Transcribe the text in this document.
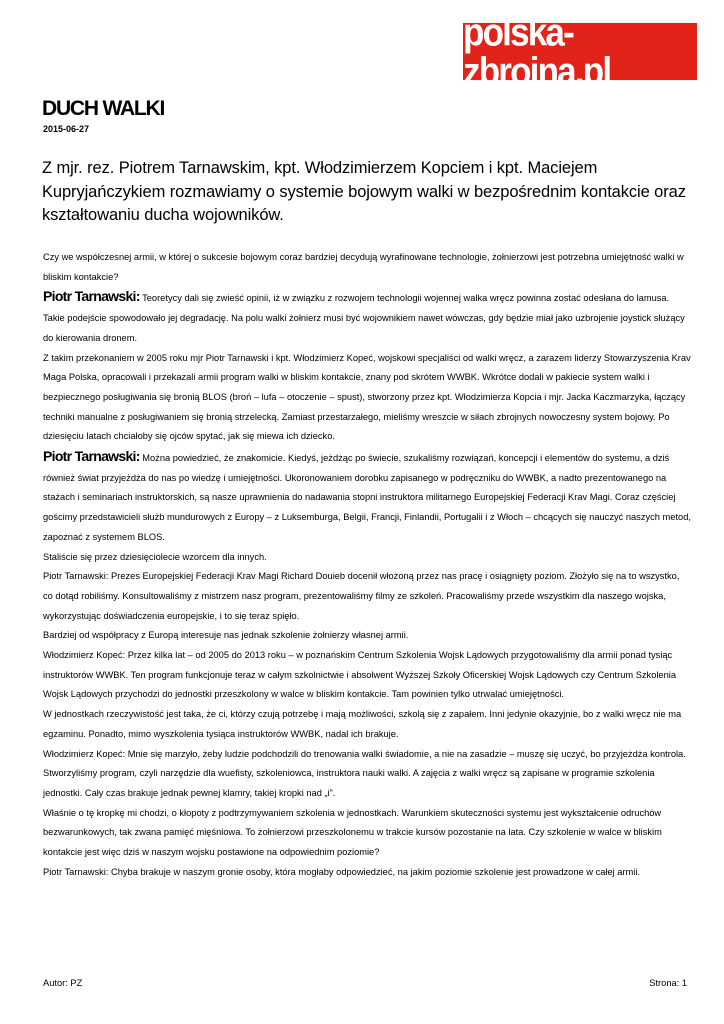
polska-zbrojna.pl
DUCH WALKI
2015-06-27

Z mjr. rez. Piotrem Tarnawskim, kpt. Włodzimierzem Kopciem i kpt. Maciejem Kupryjańczykiem rozmawiamy o systemie bojowym walki w bezpośrednim kontakcie oraz kształtowaniu ducha wojowników.

Czy we współczesnej armii, w której o sukcesie bojowym coraz bardziej decydują wyrafinowane technologie, żołnierzowi jest potrzebna umiejętność walki w bliskim kontakcie?

Piotr Tarnawski: Teoretycy dali się zwieść opinii, iż w związku z rozwojem technologii wojennej walka wręcz powinna zostać odesłana do lamusa. Takie podejście spowodowało jej degradację. Na polu walki żołnierz musi być wojownikiem nawet wówczas, gdy będzie miał jako uzbrojenie joystick służący do kierowania dronem.

Z takim przekonaniem w 2005 roku mjr Piotr Tarnawski i kpt. Włodzimierz Kopeć, wojskowi specjaliści od walki wręcz, a zarazem liderzy Stowarzyszenia Krav Maga Polska, opracowali i przekazali armii program walki w bliskim kontakcie, znany pod skrótem WWBK. Wkrótce dodali w pakiecie system walki i bezpiecznego posługiwania się bronią BLOS (broń – lufa – otoczenie – spust), stworzony przez kpt. Włodzimierza Kopcia i mjr. Jacka Kaczmarzyka, łączący techniki manualne z posługiwaniem się bronią strzelecką. Zamiast przestarzałego, mieliśmy wreszcie w siłach zbrojnych nowoczesny system bojowy. Po dziesięciu latach chciałoby się ojców spytać, jak się miewa ich dziecko.

Piotr Tarnawski: Można powiedzieć, że znakomicie. Kiedyś, jeżdżąc po świecie, szukaliśmy rozwiązań, koncepcji i elementów do systemu, a dziś również świat przyjeżdża do nas po wiedzę i umiejętności. Ukoronowaniem dorobku zapisanego w podręczniku do WWBK, a nadto prezentowanego na stażach i seminariach instruktorskich, są nasze uprawnienia do nadawania stopni instruktora militarnego Europejskiej Federacji Krav Magi. Coraz częściej gościmy przedstawicieli służb mundurowych z Europy – z Luksemburga, Belgii, Francji, Finlandii, Portugalii i z Włoch – chcących się nauczyć naszych metod, zapoznać z systemem BLOS.

Staliście się przez dziesięciolecie wzorcem dla innych.

Piotr Tarnawski: Prezes Europejskiej Federacji Krav Magi Richard Douieb docenił włożoną przez nas pracę i osiągnięty poziom. Złożyło się na to wszystko, co dotąd robiliśmy. Konsultowaliśmy z mistrzem nasz program, prezentowaliśmy filmy ze szkoleń. Pracowaliśmy przede wszystkim dla naszego wojska, wykorzystując doświadczenia europejskie, i to się teraz spięło.

Bardziej od współpracy z Europą interesuje nas jednak szkolenie żołnierzy własnej armii.

Włodzimierz Kopeć: Przez kilka lat – od 2005 do 2013 roku – w poznańskim Centrum Szkolenia Wojsk Lądowych przygotowaliśmy dla armii ponad tysiąc instruktorów WWBK. Ten program funkcjonuje teraz w całym szkolnictwie i absolwent Wyższej Szkoły Oficerskiej Wojsk Lądowych czy Centrum Szkolenia Wojsk Lądowych przychodzi do jednostki przeszkolony w walce w bliskim kontakcie. Tam powinien tylko utrwalać umiejętności.

W jednostkach rzeczywistość jest taka, że ci, którzy czują potrzebę i mają możliwości, szkolą się z zapałem. Inni jedynie okazyjnie, bo z walki wręcz nie ma egzaminu. Ponadto, mimo wyszkolenia tysiąca instruktorów WWBK, nadal ich brakuje.

Włodzimierz Kopeć: Mnie się marzyło, żeby ludzie podchodzili do trenowania walki świadomie, a nie na zasadzie – muszę się uczyć, bo przyjeżdża kontrola. Stworzyliśmy program, czyli narzędzie dla wuefisty, szkoleniowca, instruktora nauki walki. A zajęcia z walki wręcz są zapisane w programie szkolenia jednostki. Cały czas brakuje jednak pewnej klamry, takiej kropki nad „i”.

Właśnie o tę kropkę mi chodzi, o kłopoty z podtrzymywaniem szkolenia w jednostkach. Warunkiem skuteczności systemu jest wykształcenie odruchów bezwarunkowych, tak zwana pamięć mięśniowa. To żołnierzowi przeszkolonemu w trakcie kursów pozostanie na lata. Czy szkolenie w walce w bliskim kontakcie jest więc dziś w naszym wojsku postawione na odpowiednim poziomie?

Piotr Tarnawski: Chyba brakuje w naszym gronie osoby, która mogłaby odpowiedzieć, na jakim poziomie szkolenie jest prowadzone w całej armii.

Autor: PZ	Strona: 1
